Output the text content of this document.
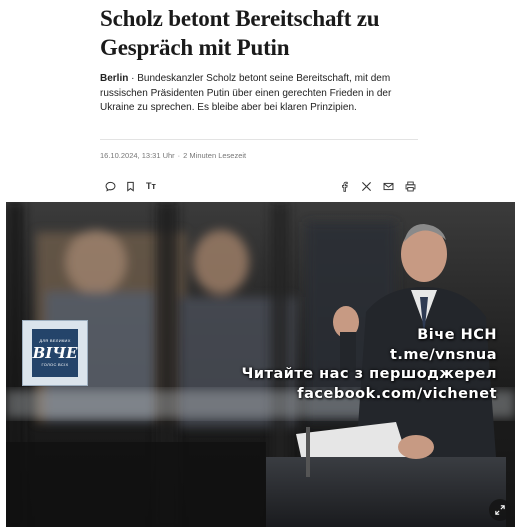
Scholz betont Bereitschaft zu Gespräch mit Putin
Berlin · Bundeskanzler Scholz betont seine Bereitschaft, mit dem russischen Präsidenten Putin über einen gerechten Frieden in der Ukraine zu sprechen. Es bleibe aber bei klaren Prinzipien.
16.10.2024, 13:31 Uhr · 2 Minuten Lesezeit
Tт
ДЛЯ ВЕЛИКИХ
ВІЧЕ
ГОЛОС ВСІХ
Віче НСН
t.me/vnsnua
Читайте нас з першоджерел
facebook.com/vichenet
